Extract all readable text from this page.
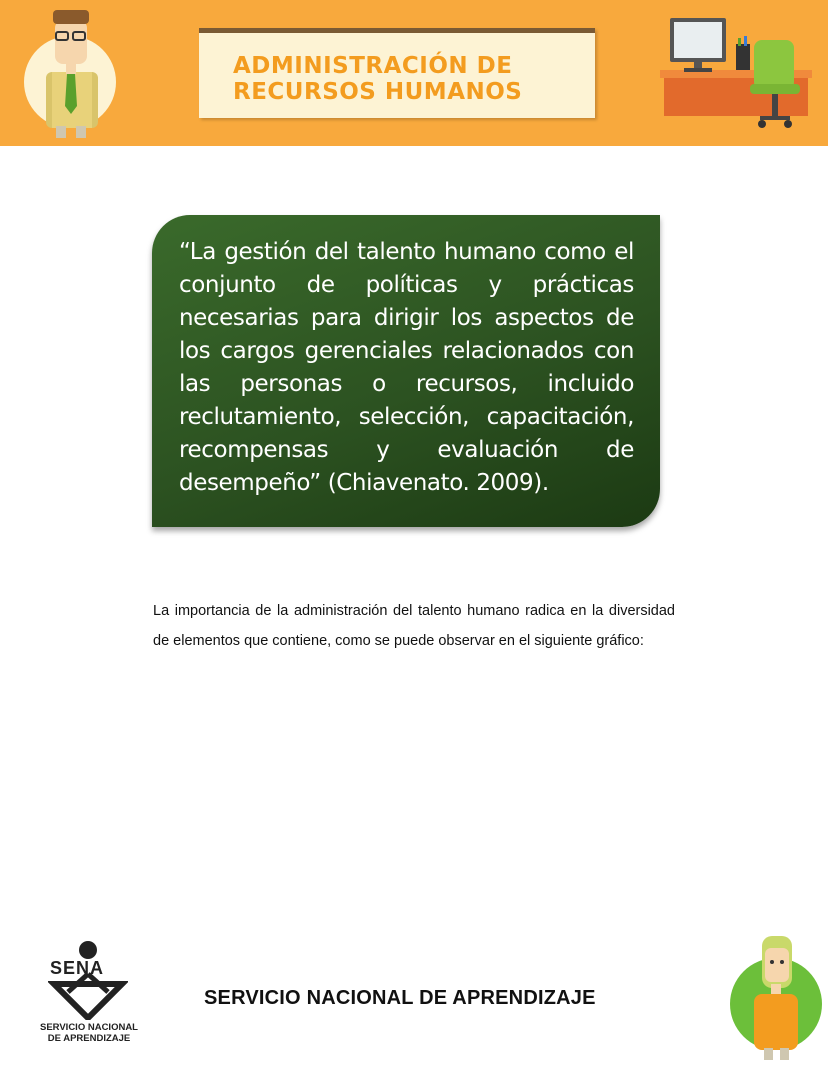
ADMINISTRACIÓN DE
RECURSOS HUMANOS
“La gestión del talento humano como el conjunto de políticas y prácticas necesarias para dirigir los aspectos de los cargos gerenciales relacionados con las personas o recursos, incluido reclutamiento, selección, capacitación, recompensas y evaluación de desempeño” (Chiavenato. 2009).
La importancia de la administración del talento humano radica en la diversidad de elementos que contiene, como se puede observar en el siguiente gráfico:
SENA
SERVICIO NACIONAL
DE APRENDIZAJE
SERVICIO NACIONAL DE APRENDIZAJE
